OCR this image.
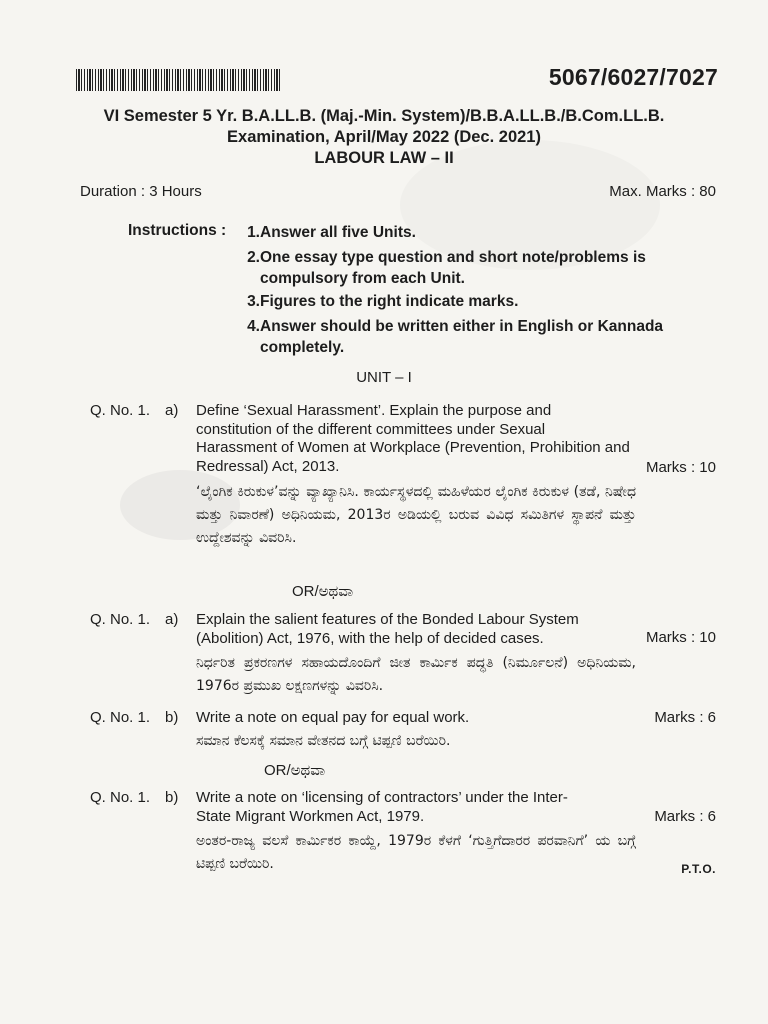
5067/6027/7027
VI Semester 5 Yr. B.A.LL.B. (Maj.-Min. System)/B.B.A.LL.B./B.Com.LL.B.
Examination, April/May 2022 (Dec. 2021)
LABOUR LAW – II
Duration : 3 Hours	Max. Marks : 80
Instructions :	1. Answer all five Units.
2. One essay type question and short note/problems is compulsory from each Unit.
3. Figures to the right indicate marks.
4. Answer should be written either in English or Kannada completely.
UNIT – I
Q. No. 1. a) Define ‘Sexual Harassment’. Explain the purpose and constitution of the different committees under Sexual Harassment of Women at Workplace (Prevention, Prohibition and Redressal) Act, 2013.	Marks : 10
‘ಲೈಂಗಿಕ ಕಿರುಕುಳ’ವನ್ನು ವ್ಯಾಖ್ಯಾನಿಸಿ. ಕಾರ್ಯಸ್ಥಳದಲ್ಲಿ ಮಹಿಳೆಯರ ಲೈಂಗಿಕ ಕಿರುಕುಳ (ತಡೆ, ನಿಷೇಧ ಮತ್ತು ನಿವಾರಣೆ) ಅಧಿನಿಯಮ, 2013ರ ಅಡಿಯಲ್ಲಿ ಬರುವ ವಿವಿಧ ಸಮಿತಿಗಳ ಸ್ಥಾಪನೆ ಮತ್ತು ಉದ್ದೇಶವನ್ನು ವಿವರಿಸಿ.
OR/ಅಥವಾ
Q. No. 1. a) Explain the salient features of the Bonded Labour System (Abolition) Act, 1976, with the help of decided cases.	Marks : 10
ನಿರ್ಧರಿತ ಪ್ರಕರಣಗಳ ಸಹಾಯದೊಂದಿಗೆ ಜೀತ ಕಾರ್ಮಿಕ ಪದ್ಧತಿ (ನಿರ್ಮೂಲನೆ) ಅಧಿನಿಯಮ, 1976ರ ಪ್ರಮುಖ ಲಕ್ಷಣಗಳನ್ನು ವಿವರಿಸಿ.
Q. No. 1. b) Write a note on equal pay for equal work.	Marks : 6
ಸಮಾನ ಕೆಲಸಕ್ಕೆ ಸಮಾನ ವೇತನದ ಬಗ್ಗೆ ಟಿಪ್ಪಣಿ ಬರೆಯಿರಿ.
OR/ಅಥವಾ
Q. No. 1. b) Write a note on ‘licensing of contractors’ under the Inter-State Migrant Workmen Act, 1979.	Marks : 6
ಅಂತರ-ರಾಜ್ಯ ವಲಸೆ ಕಾರ್ಮಿಕರ ಕಾಯ್ದೆ, 1979ರ ಕೆಳಗೆ ‘ಗುತ್ತಿಗೆದಾರರ ಪರವಾನಿಗೆ’ ಯ ಬಗ್ಗೆ ಟಿಪ್ಪಣಿ ಬರೆಯಿರಿ.	P.T.O.
